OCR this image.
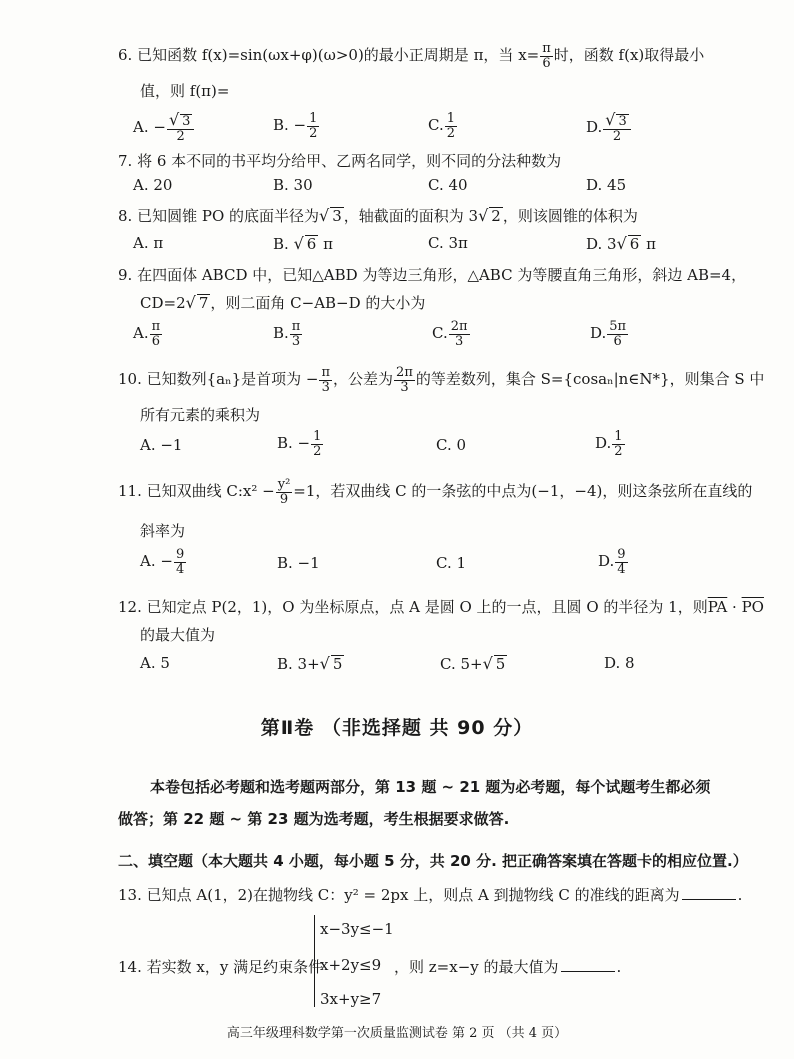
6. 已知函数 f(x)=sin(ωx+φ)(ω>0)的最小正周期是 π，当 $x= \frac{\pi}{6}$ 时，函数 f(x)取得最小
值，则 f(π)=
A. − $\frac{√ 3}{2}$	B. − $\frac{1}{2}$	C. $\frac{1}{2}$	D. $\frac{√ 3}{2}$
7. 将 6 本不同的书平均分给甲、乙两名同学，则不同的分法种数为
A. 20	B. 30	C. 40	D. 45
8. 已知圆锥 PO 的底面半径为√ 3 ，轴截面的面积为 3√ 2 ，则该圆锥的体积为
A. π	B. √ 6 π	C. 3π	D. 3√ 6 π
9. 在四面体 ABCD 中，已知△ABD 为等边三角形，△ABC 为等腰直角三角形，斜边 AB=4，
CD=2√ 7 ，则二面角 C−AB−D 的大小为
A. $\frac{\pi}{6}$	B. $\frac{\pi}{3}$	C. $\frac{2\pi}{3}$	D. $\frac{5\pi}{6}$
10. 已知数列{aₙ}是首项为 − $\frac{\pi}{3}$ ，公差为 $\frac{2\pi}{3}$ 的等差数列，集合 S={cosaₙ|n∈N*}，则集合 S 中
所有元素的乘积为
A. −1	B. − $\frac{1}{2}$	C. 0	D. $\frac{1}{2}$
11. 已知双曲线 C:x² − $\frac{\text{y²}}{9} =1$，若双曲线 C 的一条弦的中点为(−1，−4)，则这条弦所在直线的
斜率为
A. − $\frac{9}{4}$	B. −1	C. 1	D. $\frac{9}{4}$
12. 已知定点 P(2，1)，O 为坐标原点，点 A 是圆 O 上的一点，且圆 O 的半径为 1，则$\overline{PA} \cdot \overline{PO}$
的最大值为
A. 5	B. 3+√ 5	C. 5+√ 5	D. 8
第Ⅱ卷 （非选择题 共 90 分）
本卷包括必考题和选考题两部分，第 13 题 ~ 21 题为必考题，每个试题考生都必须
做答；第 22 题 ~ 第 23 题为选考题，考生根据要求做答.
二、填空题（本大题共 4 小题，每小题 5 分，共 20 分. 把正确答案填在答题卡的相应位置.）
13. 已知点 A(1，2)在抛物线 C：y² = 2px 上，则点 A 到抛物线 C 的准线的距离为	.
14. 若实数 x，y 满足约束条件
x−3y≤−1
x+2y≤9
3x+y≥7
，则 z=x−y 的最大值为	.
高三年级理科数学第一次质量监测试卷 第 2 页 （共 4 页）
